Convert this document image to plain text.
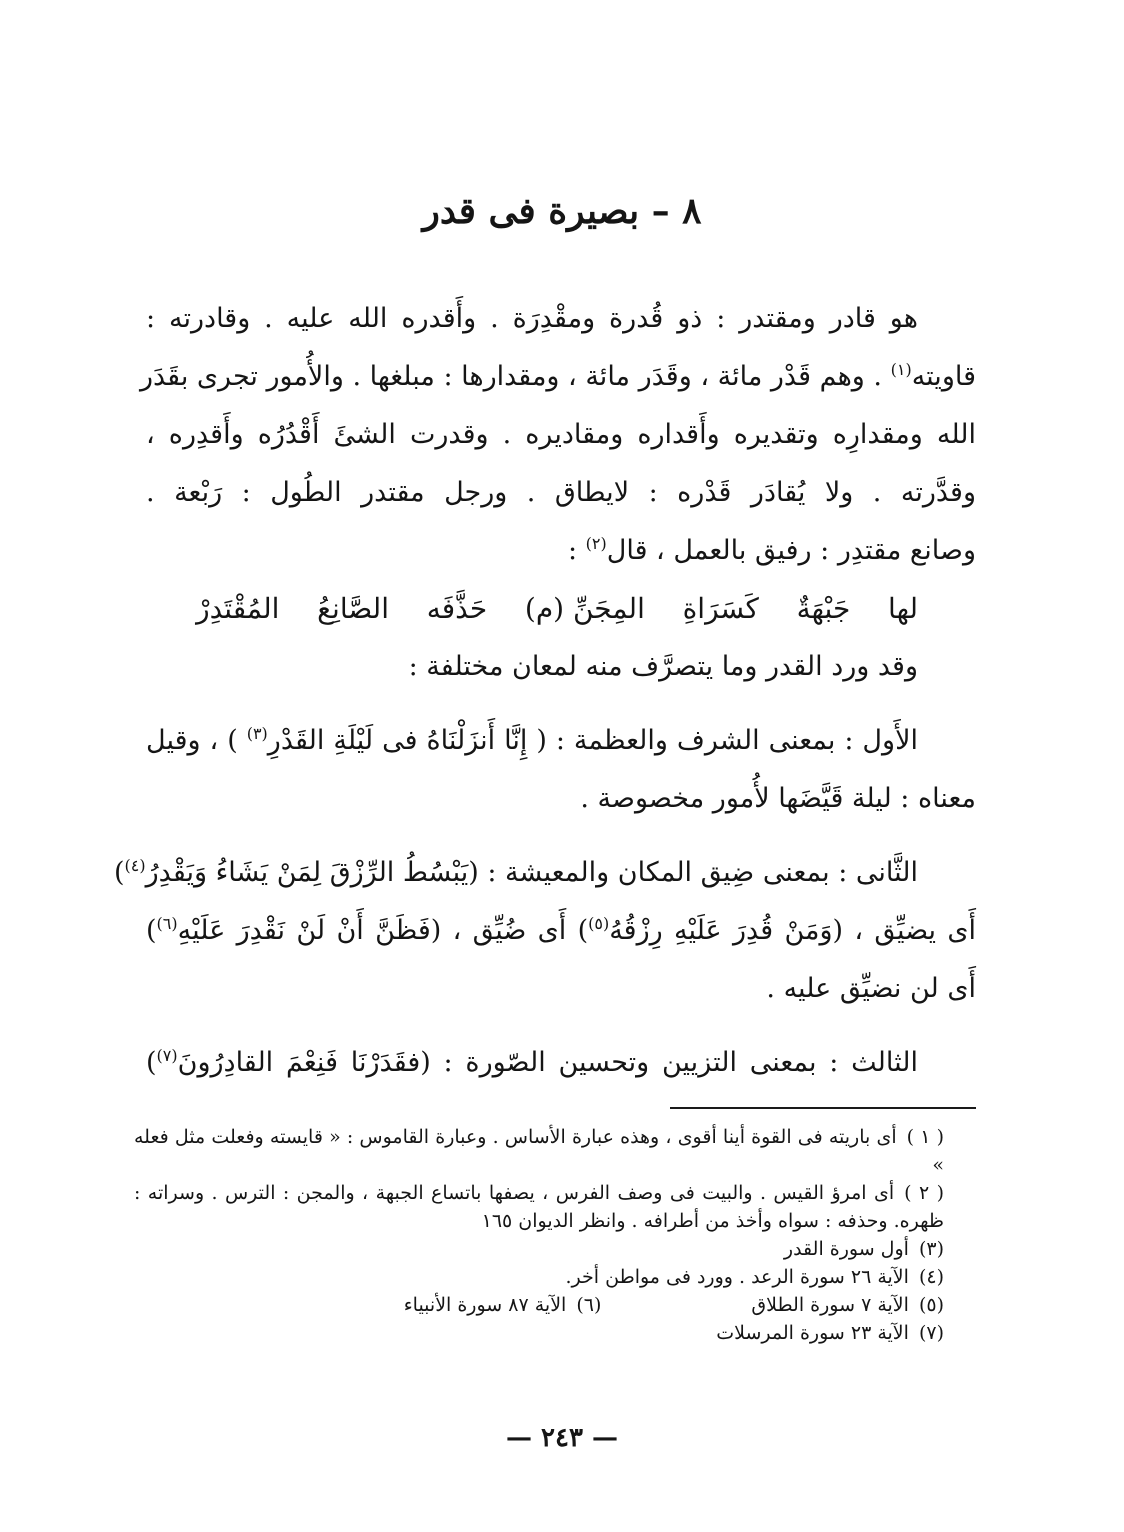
٨ – بصيرة فى قدر
هو قادر ومقتدر : ذو قُدرة ومقْدِرَة . وأَقدره الله عليه . وقادرته :
قاويته$^{(١)}$ . وهم قَدْر مائة ، وقَدَر مائة ، ومقدارها : مبلغها . والأُمور تجرى بقَدَر
الله ومقدارِه وتقديره وأَقداره ومقاديره . وقدرت الشئَ أَقْدُرُه وأَقدِره ،
وقدَّرته . ولا يُقادَر قَدْره : لايطاق . ورجل مقتدر الطُول : رَبْعة .
وصانع مقتدِر : رفيق بالعمل ، قال$^{(٢)}$ :
لها
جَبْهَةٌ
كَسَرَاةِ
المِجَنِّ (م)
حَذَّفَه
الصَّانِعُ
المُقْتَدِرْ
وقد ورد القدر وما يتصرَّف منه لمعان مختلفة :
الأَول : بمعنى الشرف والعظمة : ( إِنَّا أَنزَلْنَاهُ فى لَيْلَةِ القَدْرِ$^{(٣)}$ ) ، وقيل
معناه : ليلة قَيَّضَها لأُمور مخصوصة .
الثَّانى : بمعنى ضِيق المكان والمعيشة : (يَبْسُطُ الرِّزْقَ لِمَنْ يَشَاءُ وَيَقْدِرُ$^{(٤)}$)
أَى يضيِّق ، (وَمَنْ قُدِرَ عَلَيْهِ رِزْقُهُ$^{(٥)}$) أَى ضُيِّق ، (فَظَنَّ أَنْ لَنْ نَقْدِرَ عَلَيْهِ$^{(٦)}$)
أَى لن نضيِّق عليه .
الثالث : بمعنى التزيين وتحسين الصّورة : (فقَدَرْنَا فَنِعْمَ القادِرُونَ$^{(٧)}$)
( ١ )أى باريته فى القوة أينا أقوى ، وهذه عبارة الأساس . وعبارة القاموس : « قايسته وفعلت مثل فعله »
( ٢ )أى امرؤ القيس . والبيت فى وصف الفرس ، يصفها باتساع الجبهة ، والمجن : الترس . وسراته : ظهره. وحذفه : سواه وأخذ من أطرافه . وانظر الديوان ١٦٥
(٣)أول سورة القدر
(٤)الآية ٢٦ سورة الرعد . وورد فى مواطن أخر.
(٥)الآية ٧ سورة الطلاق
(٦)الآية ٨٧ سورة الأنبياء
(٧)الآية ٢٣ سورة المرسلات
— ٢٤٣ —
